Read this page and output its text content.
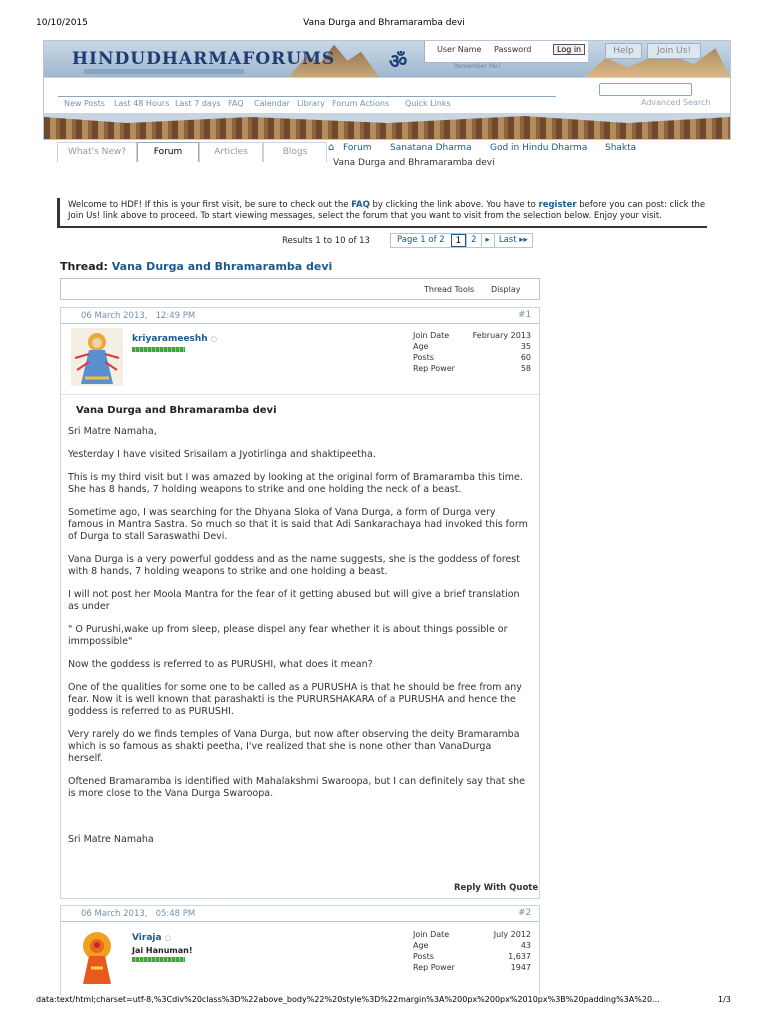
10/10/2015	Vana Durga and Bhramaramba devi
HINDUDHARMAFORUMS	ॐ	User Name Password	Log in
Remember Me?
Help	Join Us!
New Posts Last 48 Hours Last 7 days FAQ Calendar Library Forum Actions Quick Links	Advanced Search
What's New?	Forum	Articles	Blogs	⌂ Forum Sanatana Dharma God in Hindu Dharma Shakta
Vana Durga and Bhramaramba devi
Welcome to HDF! If this is your first visit, be sure to check out the FAQ by clicking the link above. You have to register before you can post: click the Join Us! link above to proceed. To start viewing messages, select the forum that you want to visit from the selection below. Enjoy your visit.
Results 1 to 10 of 13	Page 1 of 2	1	2	▸	Last ▸▸
Thread: Vana Durga and Bhramaramba devi
Thread Tools Display
06 March 2013, 12:49 PM	#1
kriyarameeshh ○	Join Date	February 2013
Age	35
Posts	60
Rep Power	58
Vana Durga and Bhramaramba devi

Sri Matre Namaha,

Yesterday I have visited Srisailam a Jyotirlinga and shaktipeetha.

This is my third visit but I was amazed by looking at the original form of Bramaramba this time. She has 8 hands, 7 holding weapons to strike and one holding the neck of a beast.

Sometime ago, I was searching for the Dhyana Sloka of Vana Durga, a form of Durga very famous in Mantra Sastra. So much so that it is said that Adi Sankarachaya had invoked this form of Durga to stall Saraswathi Devi.

Vana Durga is a very powerful goddess and as the name suggests, she is the goddess of forest with 8 hands, 7 holding weapons to strike and one holding a beast.

I will not post her Moola Mantra for the fear of it getting abused but will give a brief translation as under

" O Purushi,wake up from sleep, please dispel any fear whether it is about things possible or immpossible"

Now the goddess is referred to as PURUSHI, what does it mean?

One of the qualities for some one to be called as a PURUSHA is that he should be free from any fear. Now it is well known that parashakti is the PURURSHAKARA of a PURUSHA and hence the goddess is referred to as PURUSHI.

Very rarely do we finds temples of Vana Durga, but now after observing the deity Bramaramba which is so famous as shakti peetha, I've realized that she is none other than VanaDurga herself.

Oftened Bramaramba is identified with Mahalakshmi Swaroopa, but I can definitely say that she is more close to the Vana Durga Swaroopa.

Sri Matre Namaha

Reply With Quote
06 March 2013, 05:48 PM	#2
Viraja ○
Jai Hanuman!
Join Date	July 2012
Age	43
Posts	1,637
Rep Power	1947
data:text/html;charset=utf-8,%3Cdiv%20class%3D%22above_body%22%20style%3D%22margin%3A%200px%200px%2010px%3B%20padding%3A%20...	1/3
